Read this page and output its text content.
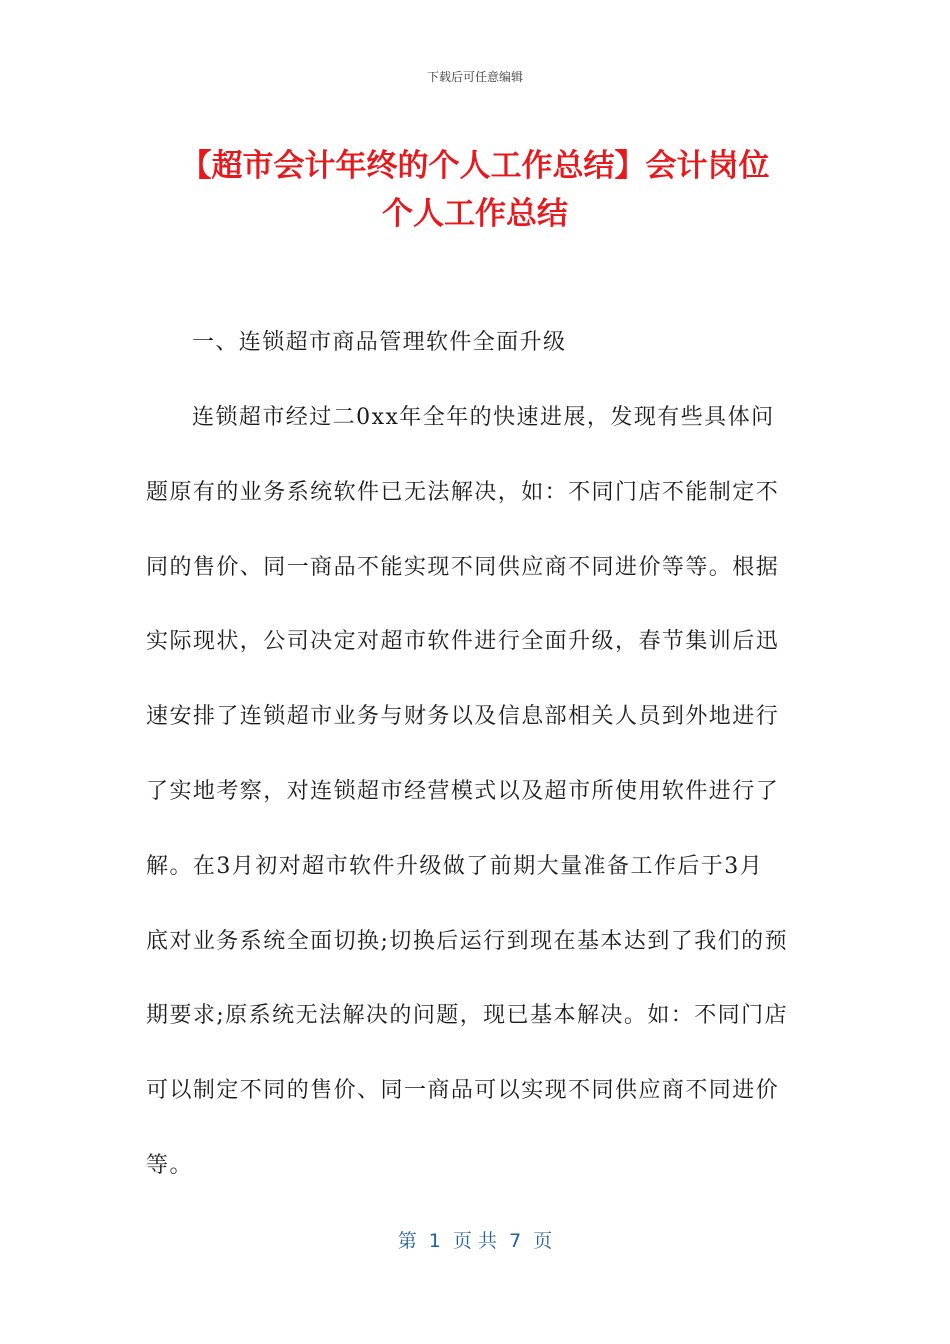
下载后可任意编辑
【超市会计年终的个人工作总结】会计岗位
个人工作总结

一、连锁超市商品管理软件全面升级

连锁超市经过二0xx年全年的快速进展，发现有些具体问

题原有的业务系统软件已无法解决，如：不同门店不能制定不

同的售价、同一商品不能实现不同供应商不同进价等等。根据

实际现状，公司决定对超市软件进行全面升级，春节集训后迅

速安排了连锁超市业务与财务以及信息部相关人员到外地进行

了实地考察，对连锁超市经营模式以及超市所使用软件进行了

解。在3月初对超市软件升级做了前期大量准备工作后于3月

底对业务系统全面切换;切换后运行到现在基本达到了我们的预

期要求;原系统无法解决的问题，现已基本解决。如：不同门店

可以制定不同的售价、同一商品可以实现不同供应商不同进价

等。

第  1  页 共  7  页
